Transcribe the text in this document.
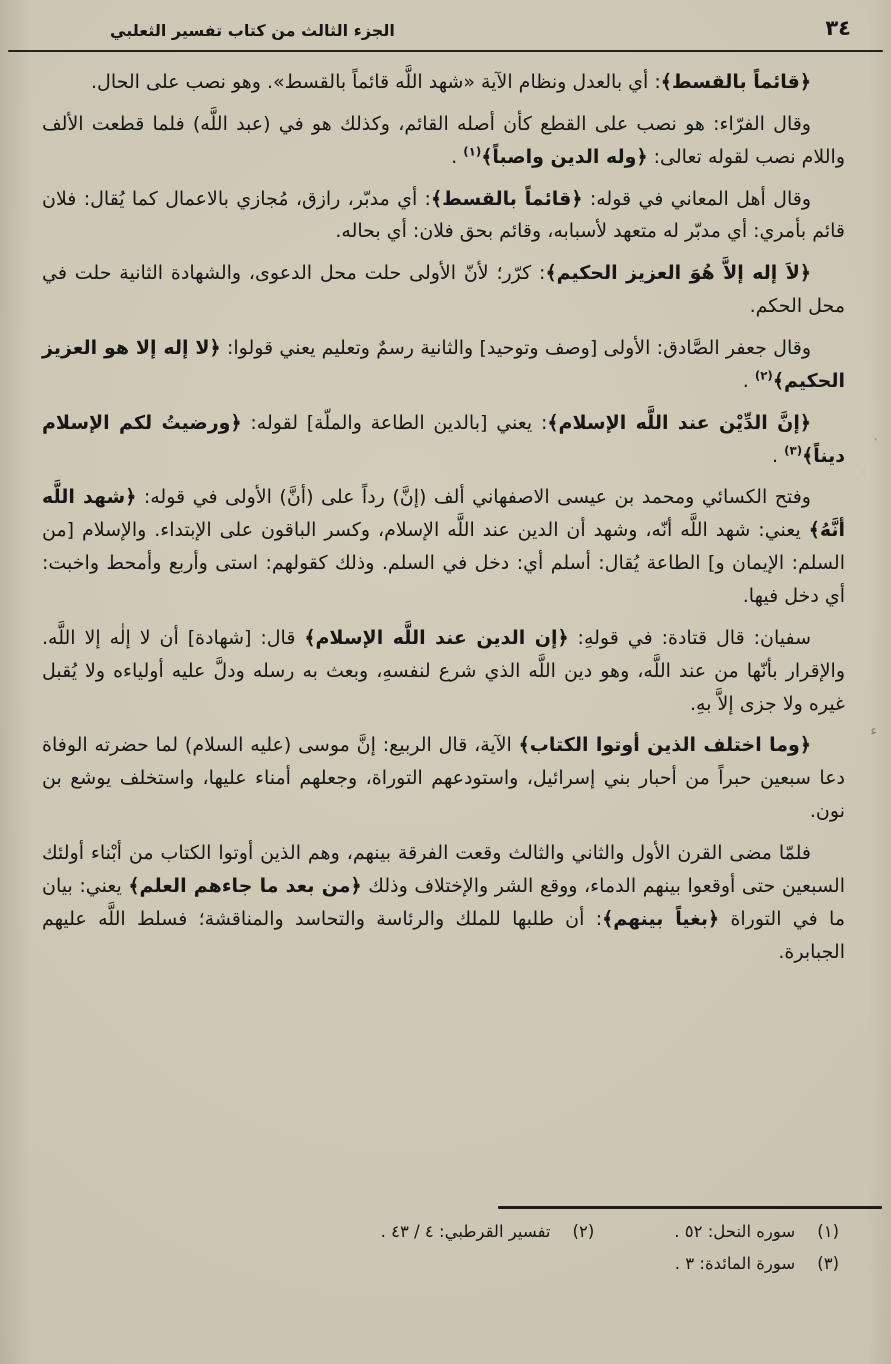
٣٤
الجزء الثالث من كتاب تفسير الثعلبي

﴿قائماً بالقسط﴾: أي بالعدل ونظام الآية «شهد اللَّه قائماً بالقسط». وهو نصب على الحال.

وقال الفرّاء: هو نصب على القطع كأن أصله القائم، وكذلك هو في (عبد اللَّه) فلما قطعت الألف واللام نصب لقوله تعالى: ﴿وله الدين واصباً﴾$^{(١)}$ .

وقال أهل المعاني في قوله: ﴿قائماً بالقسط﴾: أي مدبّر، رازق، مُجازي بالاعمال كما يُقال: فلان قائم بأمري: أي مدبّر له متعهد لأسبابه، وقائم بحق فلان: أي بحاله.

﴿لاَ إله إلاَّ هُوَ العزيز الحكيم﴾: كرّر؛ لأنّ الأولى حلت محل الدعوى، والشهادة الثانية حلت في محل الحكم.

وقال جعفر الصَّادق: الأولى [وصف وتوحيد] والثانية رسمٌ وتعليم يعني قولوا: ﴿لا إله إلا هو العزيز الحكيم﴾$^{(٢)}$ .

﴿إنَّ الدِّيْن عند اللَّه الإسلام﴾: يعني [بالدين الطاعة والملّة] لقوله: ﴿ورضيتُ لكم الإسلام ديناً﴾$^{(٣)}$ .

وفتح الكسائي ومحمد بن عيسى الاصفهاني ألف (إنَّ) رداً على (أنَّ) الأولى في قوله: ﴿شهد اللَّه أنَّهُ﴾ يعني: شهد اللَّه أنّه، وشهد أن الدين عند اللَّه الإسلام، وكسر الباقون على الإبتداء. والإسلام [من السلم: الإيمان و] الطاعة يُقال: أسلم أي: دخل في السلم. وذلك كقولهم: استى وأربع وأمحط واخبت: أي دخل فيها.

سفيان: قال قتادة: في قولهِ: ﴿إن الدين عند اللَّه الإسلام﴾ قال: [شهادة] أن لا إلٰه إلا اللَّه. والإقرار بأنّها من عند اللَّه، وهو دين اللَّه الذي شرع لنفسهِ، وبعث به رسله ودلَّ عليه أولياءه ولا يُقبل غيره ولا جزى إلاَّ بهِ.

﴿وما اختلف الذين أوتوا الكتاب﴾ الآية، قال الربيع: إنَّ موسى (عليه السلام) لما حضرته الوفاة دعا سبعين حبراً من أحبار بني إسرائيل، واستودعهم التوراة، وجعلهم أمناء عليها، واستخلف يوشع بن نون.

فلمّا مضى القرن الأول والثاني والثالث وقعت الفرقة بينهم، وهم الذين أوتوا الكتاب من أبْناء أولئك السبعين حتى أوقعوا بينهم الدماء، ووقع الشر والإختلاف وذلك ﴿من بعد ما جاءهم العلم﴾ يعني: بيان ما في التوراة ﴿بغياً بينهم﴾: أن طلبها للملك والرئاسة والتحاسد والمناقشة؛ فسلط اللَّه عليهم الجبابرة.

(١)
سوره النحل: ٥٢ .
(٣)
سورة المائدة: ٣ .
(٢)
تفسير القرطبي: ٤ / ٤٣ .
ء
·
